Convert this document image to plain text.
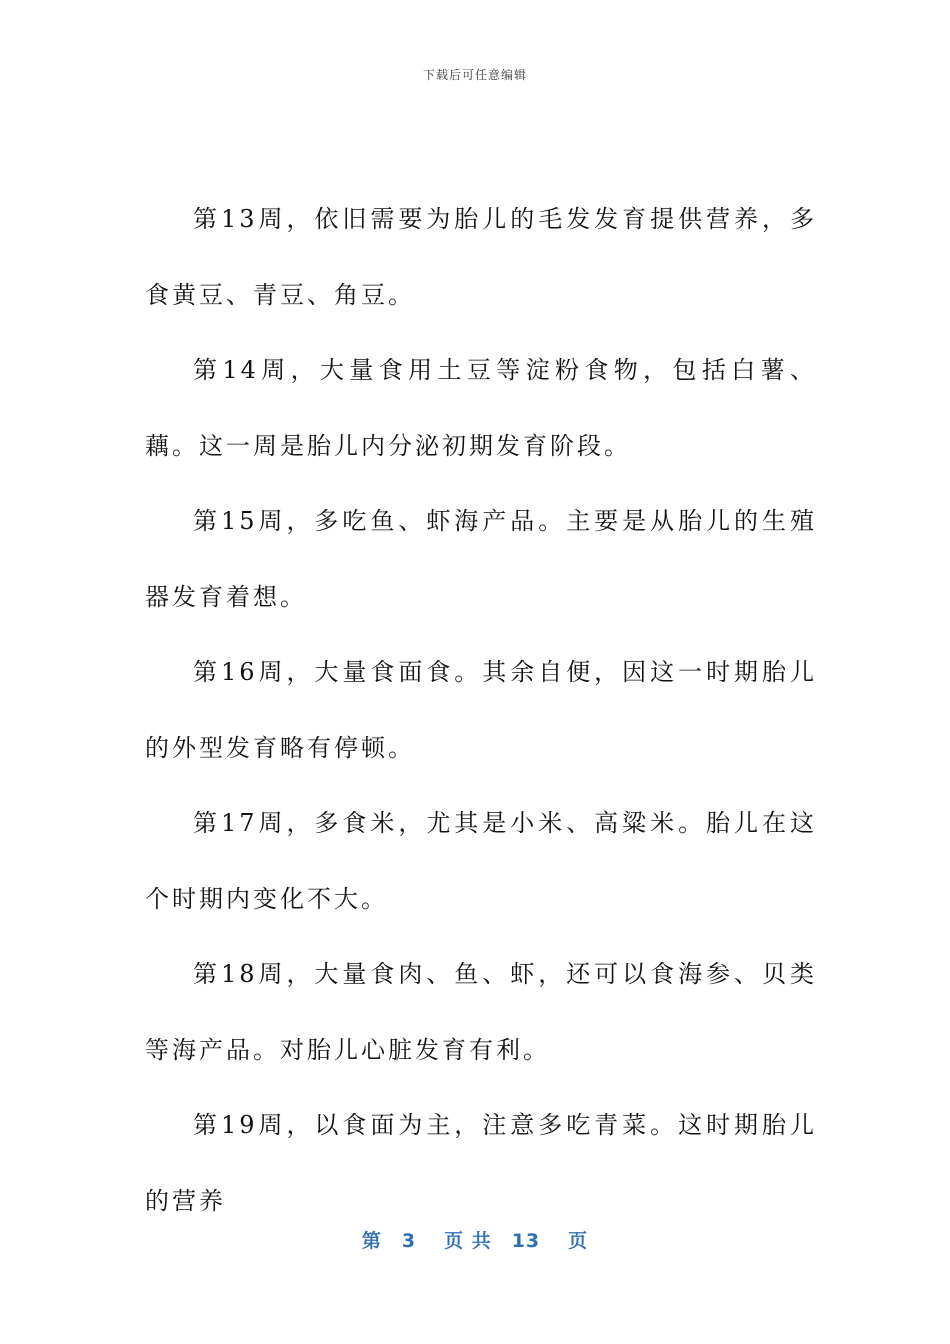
下载后可任意编辑

第13周，依旧需要为胎儿的毛发发育提供营养，多食黄豆、青豆、角豆。

第14周，大量食用土豆等淀粉食物，包括白薯、藕。这一周是胎儿内分泌初期发育阶段。

第15周，多吃鱼、虾海产品。主要是从胎儿的生殖器发育着想。

第16周，大量食面食。其余自便，因这一时期胎儿的外型发育略有停顿。

第17周，多食米，尤其是小米、高粱米。胎儿在这个时期内变化不大。

第18周，大量食肉、鱼、虾，还可以食海参、贝类等海产品。对胎儿心脏发育有利。

第19周，以食面为主，注意多吃青菜。这时期胎儿的营养

第 3 页 共 13 页
